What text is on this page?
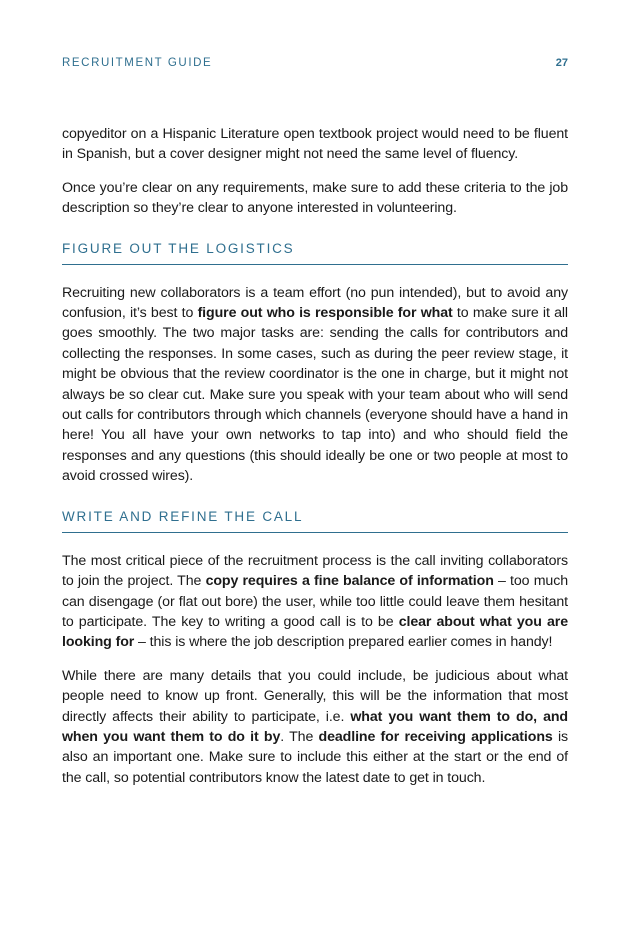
RECRUITMENT GUIDE	27

copyeditor on a Hispanic Literature open textbook project would need to be fluent in Spanish, but a cover designer might not need the same level of fluency.

Once you’re clear on any requirements, make sure to add these criteria to the job description so they’re clear to anyone interested in volunteering.

FIGURE OUT THE LOGISTICS

Recruiting new collaborators is a team effort (no pun intended), but to avoid any confusion, it’s best to figure out who is responsible for what to make sure it all goes smoothly. The two major tasks are: sending the calls for contributors and collecting the responses. In some cases, such as during the peer review stage, it might be obvious that the review coordinator is the one in charge, but it might not always be so clear cut. Make sure you speak with your team about who will send out calls for contributors through which channels (everyone should have a hand in here! You all have your own networks to tap into) and who should field the responses and any questions (this should ideally be one or two people at most to avoid crossed wires).

WRITE AND REFINE THE CALL

The most critical piece of the recruitment process is the call inviting collaborators to join the project. The copy requires a fine balance of information – too much can disengage (or flat out bore) the user, while too little could leave them hesitant to participate. The key to writing a good call is to be clear about what you are looking for – this is where the job description prepared earlier comes in handy!

While there are many details that you could include, be judicious about what people need to know up front. Generally, this will be the information that most directly affects their ability to participate, i.e. what you want them to do, and when you want them to do it by. The deadline for receiving applications is also an important one. Make sure to include this either at the start or the end of the call, so potential contributors know the latest date to get in touch.
